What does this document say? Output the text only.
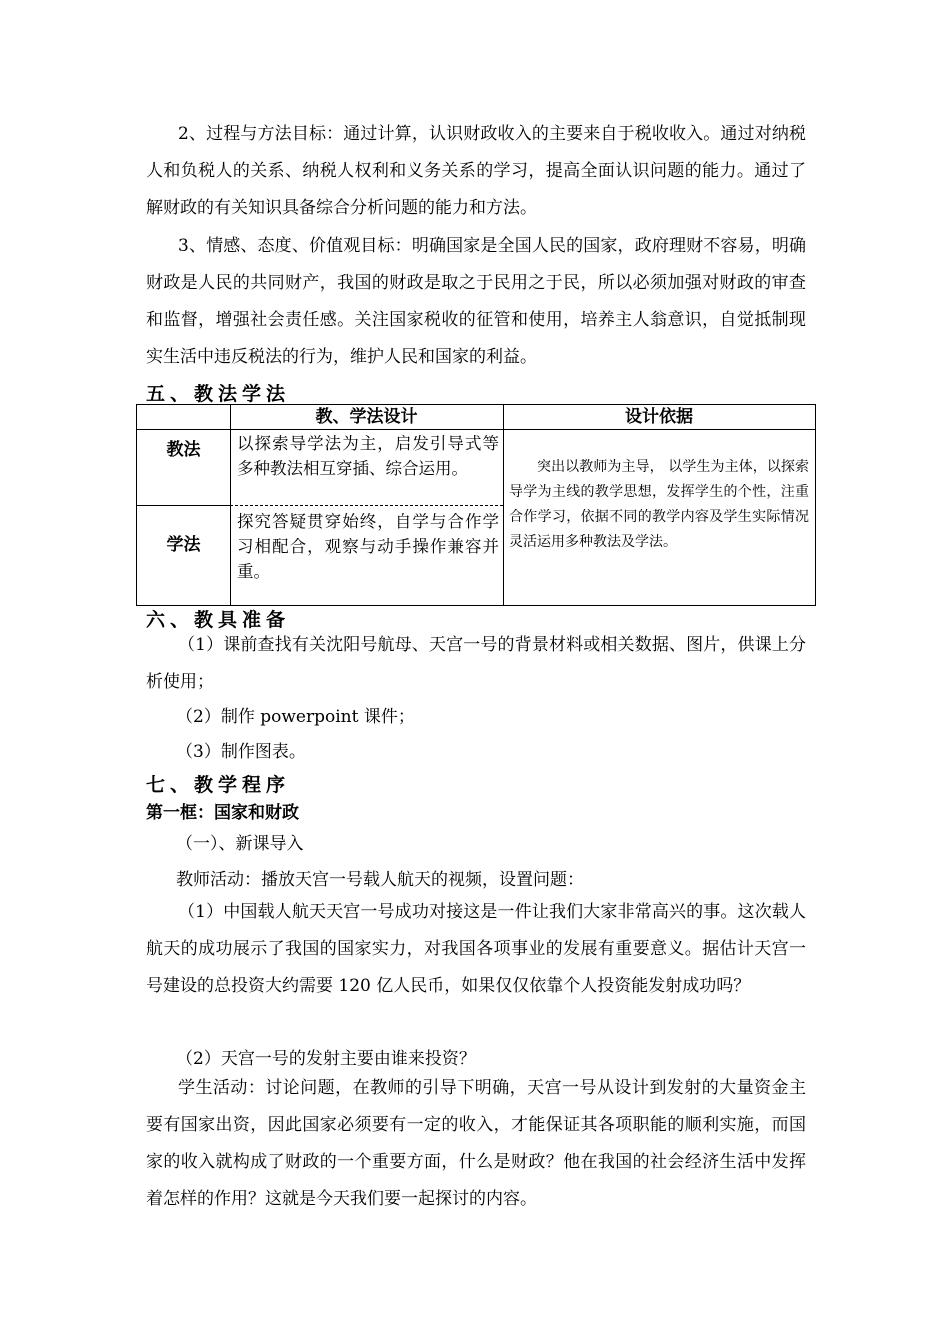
2、过程与方法目标：通过计算，认识财政收入的主要来自于税收收入。通过对纳税人和负税人的关系、纳税人权利和义务关系的学习，提高全面认识问题的能力。通过了解财政的有关知识具备综合分析问题的能力和方法。

3、情感、态度、价值观目标：明确国家是全国人民的国家，政府理财不容易，明确财政是人民的共同财产，我国的财政是取之于民用之于民，所以必须加强对财政的审查和监督，增强社会责任感。关注国家税收的征管和使用，培养主人翁意识，自觉抵制现实生活中违反税法的行为，维护人民和国家的利益。

五、教法学法
教、学法设计	设计依据
教法	以探索导学法为主，启发引导式等多种教法相互穿插、综合运用。
学法
探究答疑贯穿始终，自学与合作学习相配合，观察与动手操作兼容并重。
突出以教师为主导， 以学生为主体，以探索导学为主线的教学思想，发挥学生的个性，注重合作学习，依据不同的教学内容及学生实际情况灵活运用多种教法及学法。
六、教具准备

（1）课前查找有关沈阳号航母、天宫一号的背景材料或相关数据、图片，供课上分析使用；

（2）制作 powerpoint 课件；

（3）制作图表。

七、教学程序

第一框：国家和财政

（一）、新课导入

教师活动：播放天宫一号载人航天的视频，设置问题：

（1）中国载人航天天宫一号成功对接这是一件让我们大家非常高兴的事。这次载人航天的成功展示了我国的国家实力，对我国各项事业的发展有重要意义。据估计天宫一号建设的总投资大约需要 120 亿人民币，如果仅仅依靠个人投资能发射成功吗？

（2）天宫一号的发射主要由谁来投资？

学生活动：讨论问题，在教师的引导下明确，天宫一号从设计到发射的大量资金主要有国家出资，因此国家必须要有一定的收入，才能保证其各项职能的顺利实施，而国家的收入就构成了财政的一个重要方面，什么是财政？他在我国的社会经济生活中发挥着怎样的作用？这就是今天我们要一起探讨的内容。
